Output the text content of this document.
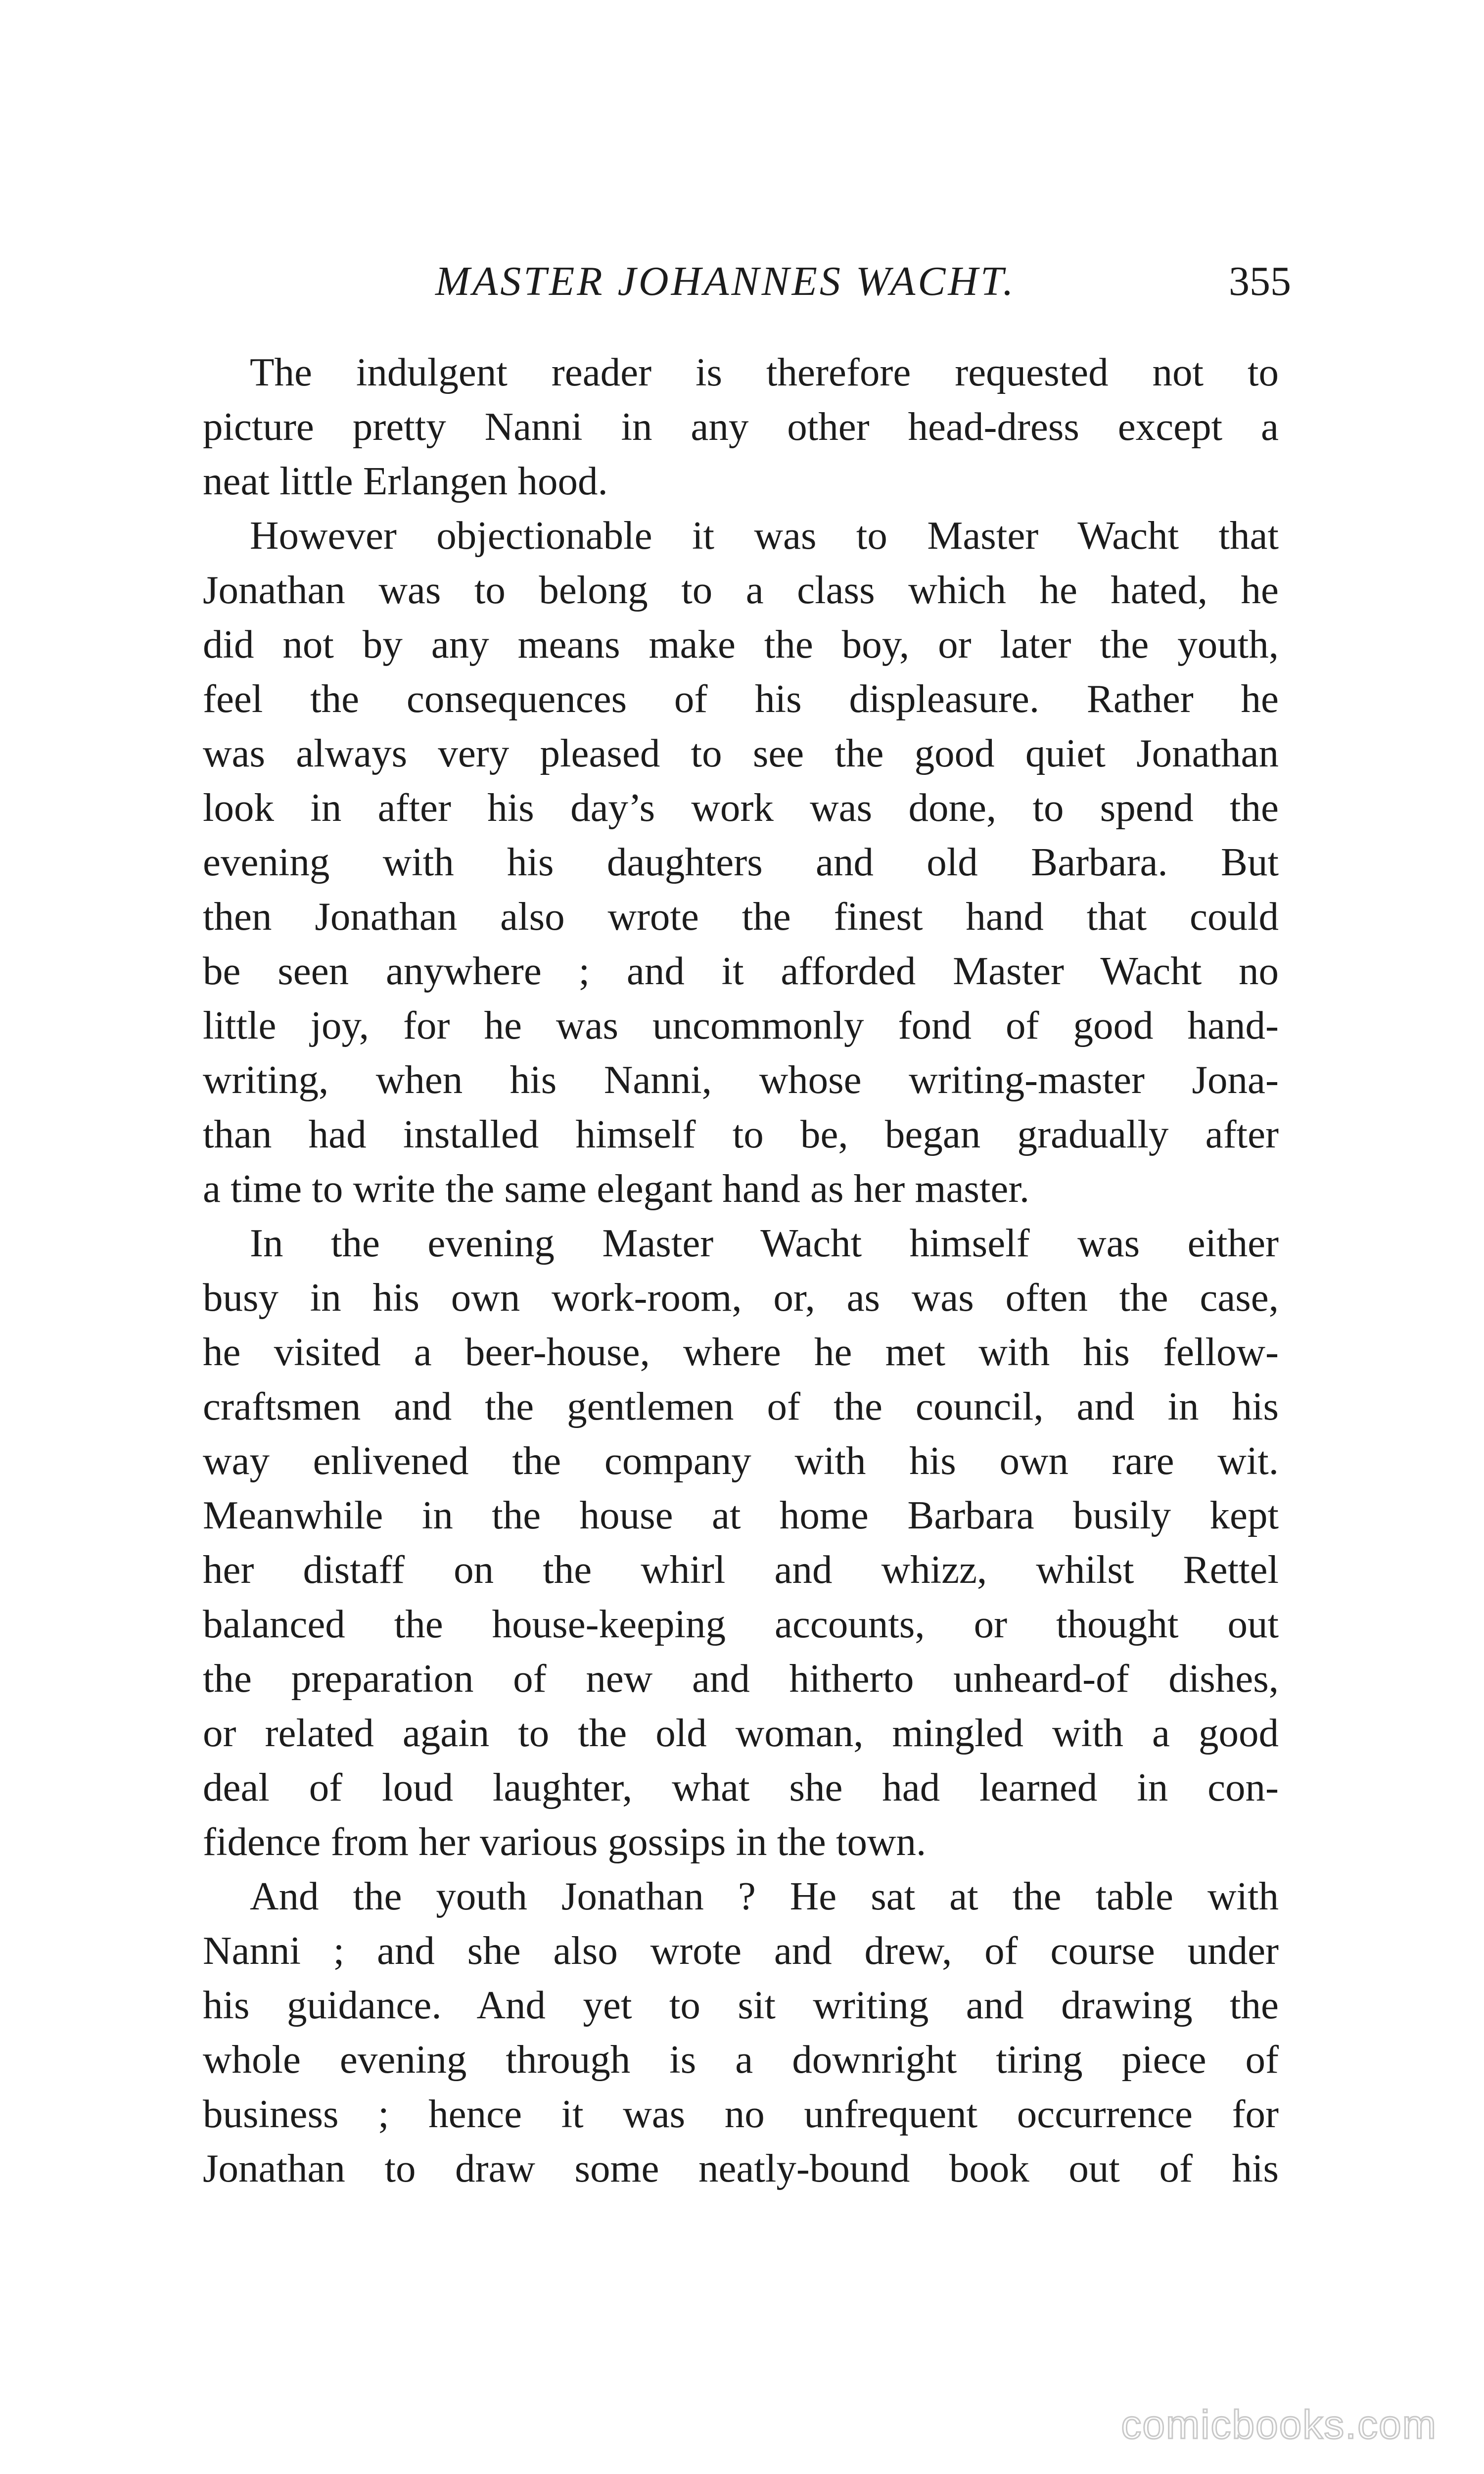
MASTER JOHANNES WACHT.	355
The indulgent reader is therefore requested not to
picture pretty Nanni in any other head-dress except a
neat little Erlangen hood.
However objectionable it was to Master Wacht that
Jonathan was to belong to a class which he hated, he
did not by any means make the boy, or later the youth,
feel the consequences of his displeasure. Rather he
was always very pleased to see the good quiet Jonathan
look in after his day’s work was done, to spend the
evening with his daughters and old Barbara. But
then Jonathan also wrote the finest hand that could
be seen anywhere ; and it afforded Master Wacht no
little joy, for he was uncommonly fond of good hand-
writing, when his Nanni, whose writing-master Jona-
than had installed himself to be, began gradually after
a time to write the same elegant hand as her master.
In the evening Master Wacht himself was either
busy in his own work-room, or, as was often the case,
he visited a beer-house, where he met with his fellow-
craftsmen and the gentlemen of the council, and in his
way enlivened the company with his own rare wit.
Meanwhile in the house at home Barbara busily kept
her distaff on the whirl and whizz, whilst Rettel
balanced the house-keeping accounts, or thought out
the preparation of new and hitherto unheard-of dishes,
or related again to the old woman, mingled with a good
deal of loud laughter, what she had learned in con-
fidence from her various gossips in the town.
And the youth Jonathan ? He sat at the table with
Nanni ; and she also wrote and drew, of course under
his guidance. And yet to sit writing and drawing the
whole evening through is a downright tiring piece of
business ; hence it was no unfrequent occurrence for
Jonathan to draw some neatly-bound book out of his
comicbooks.com
